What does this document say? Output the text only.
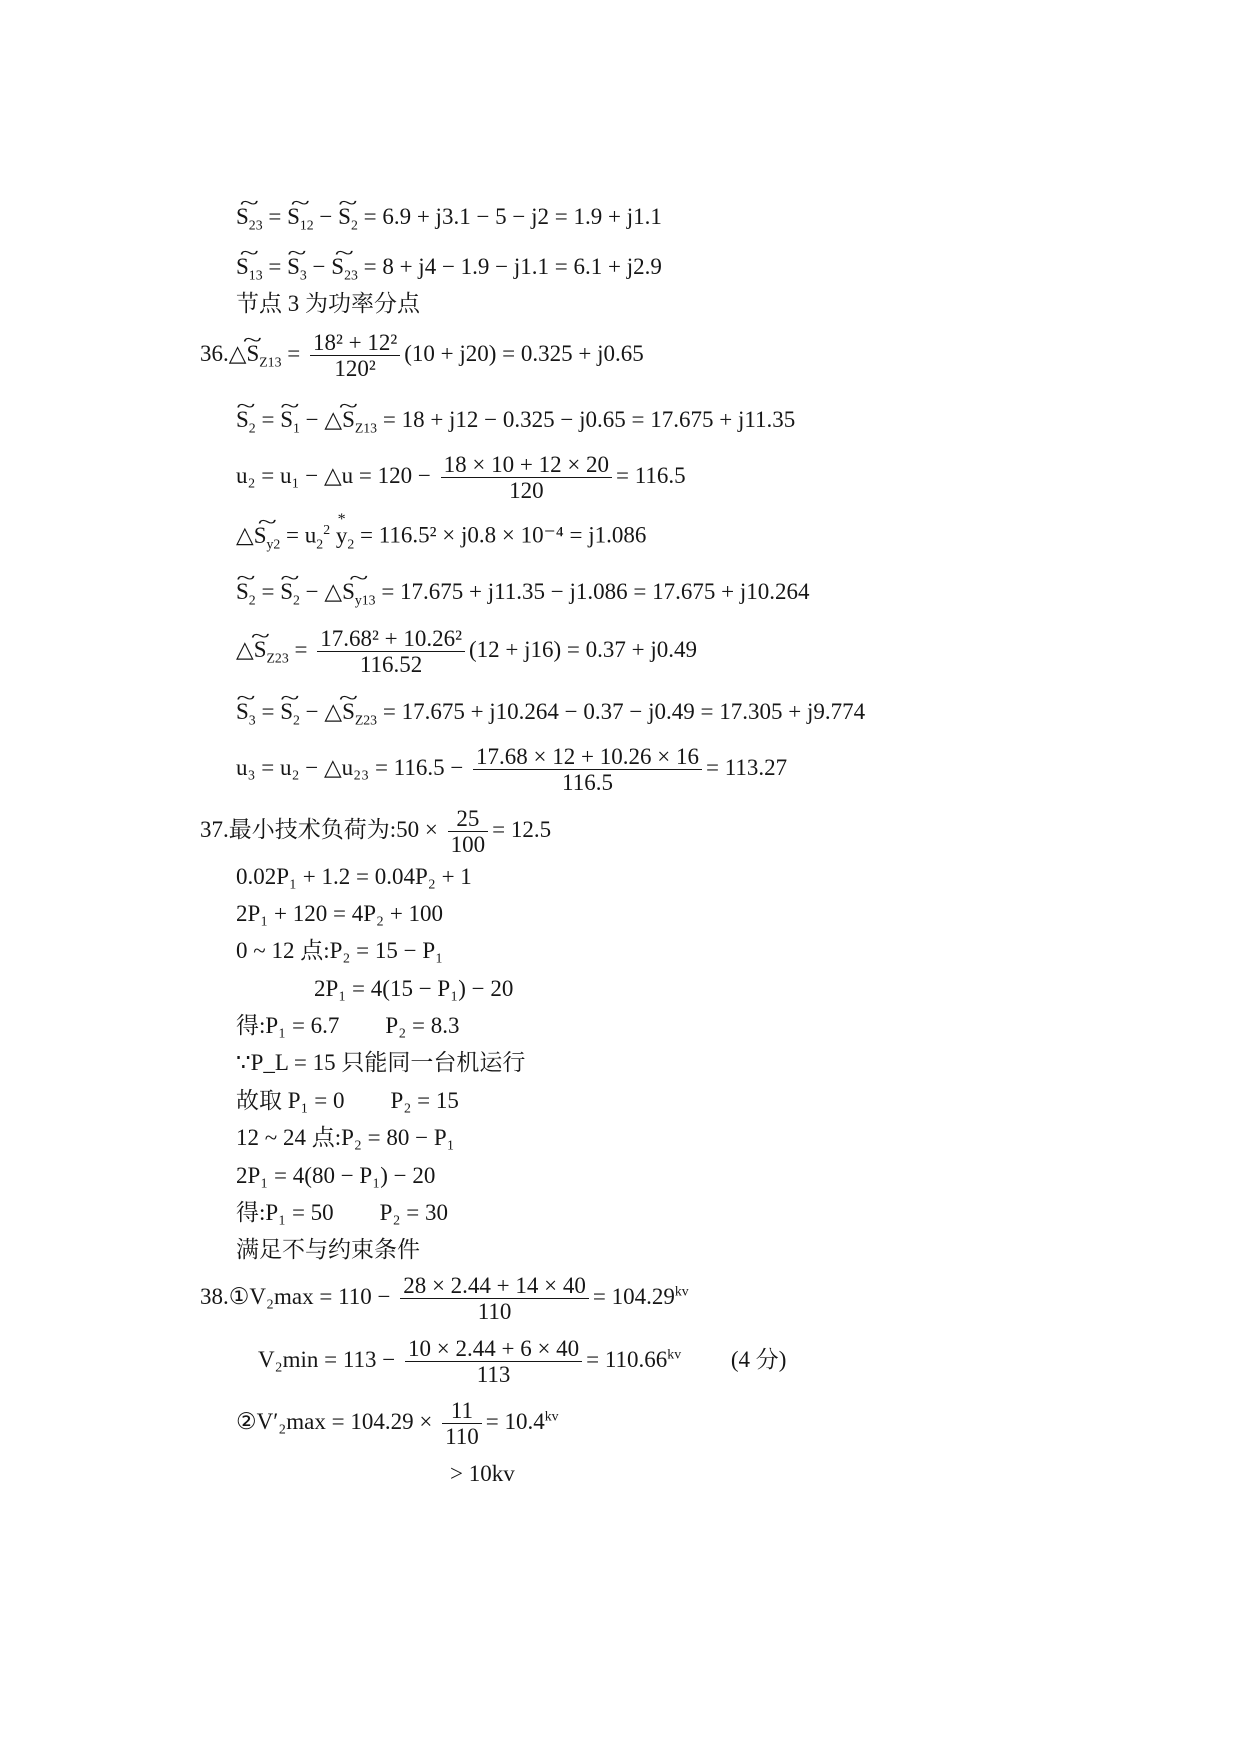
~ $S_{23}$ = ~ $S_{12}$ − ~ $S_2 = 6.9 + j3.1 - 5 - j2 = 1.9 + j1.1$
~ $S_{13}$ = ~ $S_3$ − ~ $S_{23} = 8 + j4 - 1.9 - j1.1 = 6.1 + j2.9$
节点 3 为功率分点
36.△~ $S_{Z13} = \frac{\text{18² + 12²}}{\text{120²}} (10 + j20) = 0.325 + j0.65$
~ $S_2$ = ~ $S_1$ − △~ $S_{Z13} = 18 + j12 - 0.325 - j0.65 = 17.675 + j11.35$
u₂ = u₁ − △u = $120 - \frac{18 \times 10 + 12 \times 20}{120} = 116.5$
△~ $S_{y2} = u_2^2 * y_2 = 116.5^2 \times j0.8 \times 10^{-4} = j1.086$
~ $S_2$ = ~ $S_2$ − △~ $S_{y13} = 17.675 + j11.35 - j1.086 = 17.675 + j10.264$
△~ $S_{Z23} = \frac{\text{17.68² + 10.26²}}{116.52} (12 + j16) = 0.37 + j0.49$
~ $S_3$ = ~ $S_2$ − △~ $S_{Z23} = 17.675 + j10.264 - 0.37 - j0.49 = 17.305 + j9.774$
u₃ = u₂ − △u₂₃ = $116.5 - \frac{17.68 \times 12 + 10.26 \times 16}{116.5} = 113.27$
37.最小技术负荷为:50 × $\frac{25}{100} = 12.5$
0.02P₁ + 1.2 = 0.04P₂ + 1
2P₁ + 120 = 4P₂ + 100
0 ~ 12 点:P₂ = 15 − P₁
2P₁ = 4(15 − P₁) − 20
得:P₁ = 6.7        P₂ = 8.3
∵P_L = 15 只能同一台机运行
故取 P₁ = 0        P₂ = 15
12 ~ 24 点:P₂ = 80 − P₁
2P₁ = 4(80 − P₁) − 20
得:P₁ = 50        P₂ = 30
满足不与约束条件
38.①V₂max = $110 - \frac{28 \times 2.44 + 14 \times 40}{110} = 104.29^{kv}$
$V_2\min = 113 - \frac{10 \times 2.44 + 6 \times 40}{113} = 110.66^{kv}$ (4 分)
②V′₂max = $104.29 \times \frac{11}{110} = 10.4^{kv}$
> 10kv
